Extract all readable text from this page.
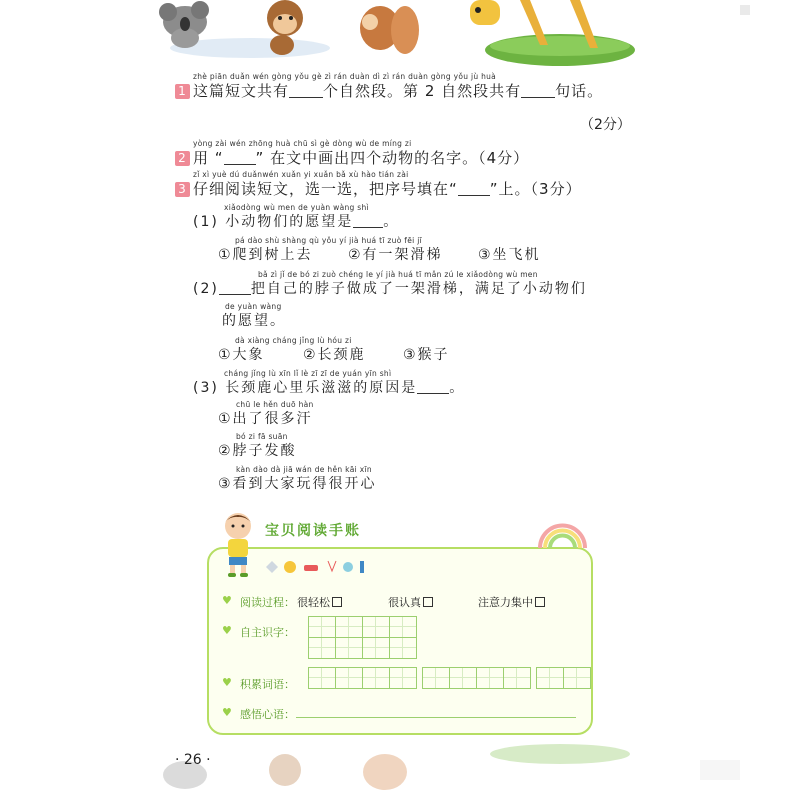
zhè piān duǎn wén gòng yǒu gè zì rán duàn dì zì rán duàn gòng yǒu jù huà
1 这篇短文共有 个自然段。第 2 自然段共有 句话。
（2分）
yòng zài wén zhōng huà chū sì gè dòng wù de míng zi
2 用 “ ” 在文中画出四个动物的名字。（4分）
zǐ xì yuè dú duǎnwén xuǎn yi xuǎn bǎ xù hào tián zài
3 仔细阅读短文，选一选，把序号填在“ ”上。（3分）
xiǎodòng wù men de yuàn wàng shì
(1) 小动物们的愿望是 。
pá dào shù shàng qù yǒu yí jià huá tī zuò fēi jī
①爬到树上去	②有一架滑梯	③坐飞机
bǎ zì jǐ de bó zi zuò chéng le yí jià huá tī mǎn zú le xiǎodòng wù men
(2) 把自己的脖子做成了一架滑梯，满足了小动物们
de yuàn wàng
的愿望。
dà xiàng cháng jǐng lù hóu zi
①大象	②长颈鹿	③猴子
cháng jǐng lù xīn lǐ lè zī zī de yuán yīn shì
(3) 长颈鹿心里乐滋滋的原因是 。
chū le hěn duō hàn
①出了很多汗
bó zi fā suān
②脖子发酸
kàn dào dà jiā wán de hěn kāi xīn
③看到大家玩得很开心
宝贝阅读手账
♥ 阅读过程： 很轻松	很认真	注意力集中
♥ 自主识字：
♥ 积累词语：
♥ 感悟心语：
· 26 ·
